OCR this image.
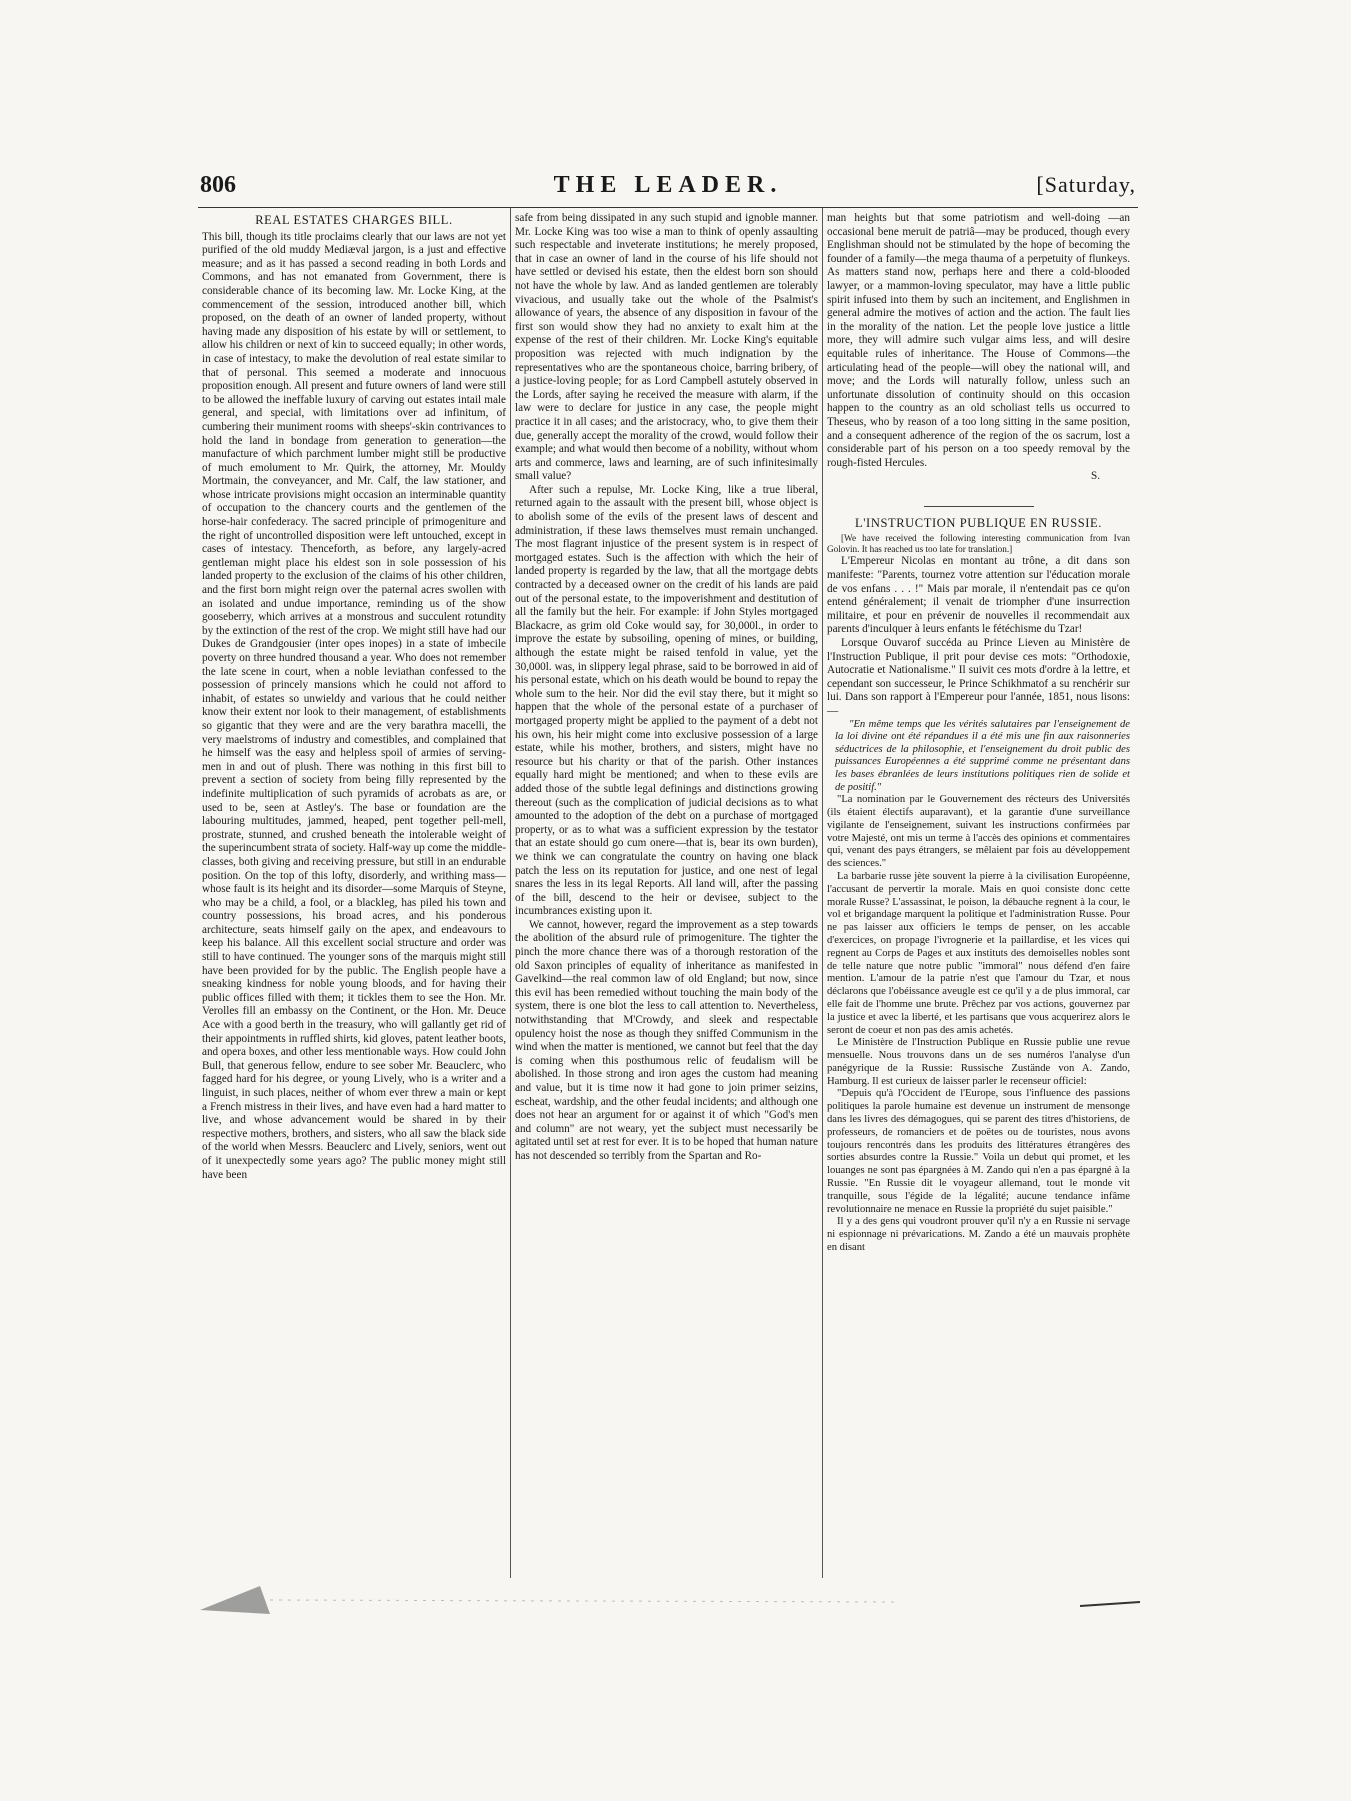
806	THE LEADER.	[Saturday,
REAL ESTATES CHARGES BILL.

This bill, though its title proclaims clearly that our laws are not yet purified of the old muddy Mediæval jargon, is a just and effective measure; and as it has passed a second reading in both Lords and Commons, and has not emanated from Government, there is considerable chance of its becoming law. Mr. Locke King, at the commencement of the session, introduced another bill, which proposed, on the death of an owner of landed property, without having made any disposition of his estate by will or settlement, to allow his children or next of kin to succeed equally; in other words, in case of intestacy, to make the devolution of real estate similar to that of personal. This seemed a moderate and innocuous proposition enough. All present and future owners of land were still to be allowed the ineffable luxury of carving out estates intail male general, and special, with limitations over ad infinitum, of cumbering their muniment rooms with sheeps'-skin contrivances to hold the land in bondage from generation to generation—the manufacture of which parchment lumber might still be productive of much emolument to Mr. Quirk, the attorney, Mr. Mouldy Mortmain, the conveyancer, and Mr. Calf, the law stationer, and whose intricate provisions might occasion an interminable quantity of occupation to the chancery courts and the gentlemen of the horse-hair confederacy. The sacred principle of primogeniture and the right of uncontrolled disposition were left untouched, except in cases of intestacy. Thenceforth, as before, any largely-acred gentleman might place his eldest son in sole possession of his landed property to the exclusion of the claims of his other children, and the first born might reign over the paternal acres swollen with an isolated and undue importance, reminding us of the show gooseberry, which arrives at a monstrous and succulent rotundity by the extinction of the rest of the crop. We might still have had our Dukes de Grandgousier (inter opes inopes) in a state of imbecile poverty on three hundred thousand a year. Who does not remember the late scene in court, when a noble leviathan confessed to the possession of princely mansions which he could not afford to inhabit, of estates so unwieldy and various that he could neither know their extent nor look to their management, of establishments so gigantic that they were and are the very barathra macelli, the very maelstroms of industry and comestibles, and complained that he himself was the easy and helpless spoil of armies of serving-men in and out of plush. There was nothing in this first bill to prevent a section of society from being filly represented by the indefinite multiplication of such pyramids of acrobats as are, or used to be, seen at Astley's. The base or foundation are the labouring multitudes, jammed, heaped, pent together pell-mell, prostrate, stunned, and crushed beneath the intolerable weight of the superincumbent strata of society. Half-way up come the middle-classes, both giving and receiving pressure, but still in an endurable position. On the top of this lofty, disorderly, and writhing mass—whose fault is its height and its disorder—some Marquis of Steyne, who may be a child, a fool, or a blackleg, has piled his town and country possessions, his broad acres, and his ponderous architecture, seats himself gaily on the apex, and endeavours to keep his balance. All this excellent social structure and order was still to have continued. The younger sons of the marquis might still have been provided for by the public. The English people have a sneaking kindness for noble young bloods, and for having their public offices filled with them; it tickles them to see the Hon. Mr. Verolles fill an embassy on the Continent, or the Hon. Mr. Deuce Ace with a good berth in the treasury, who will gallantly get rid of their appointments in ruffled shirts, kid gloves, patent leather boots, and opera boxes, and other less mentionable ways. How could John Bull, that generous fellow, endure to see sober Mr. Beauclerc, who fagged hard for his degree, or young Lively, who is a writer and a linguist, in such places, neither of whom ever threw a main or kept a French mistress in their lives, and have even had a hard matter to live, and whose advancement would be shared in by their respective mothers, brothers, and sisters, who all saw the black side of the world when Messrs. Beauclerc and Lively, seniors, went out of it unexpectedly some years ago? The public money might still have been

safe from being dissipated in any such stupid and ignoble manner. Mr. Locke King was too wise a man to think of openly assaulting such respectable and inveterate institutions; he merely proposed, that in case an owner of land in the course of his life should not have settled or devised his estate, then the eldest born son should not have the whole by law. And as landed gentlemen are tolerably vivacious, and usually take out the whole of the Psalmist's allowance of years, the absence of any disposition in favour of the first son would show they had no anxiety to exalt him at the expense of the rest of their children. Mr. Locke King's equitable proposition was rejected with much indignation by the representatives who are the spontaneous choice, barring bribery, of a justice-loving people; for as Lord Campbell astutely observed in the Lords, after saying he received the measure with alarm, if the law were to declare for justice in any case, the people might practice it in all cases; and the aristocracy, who, to give them their due, generally accept the morality of the crowd, would follow their example; and what would then become of a nobility, without whom arts and commerce, laws and learning, are of such infinitesimally small value?

After such a repulse, Mr. Locke King, like a true liberal, returned again to the assault with the present bill, whose object is to abolish some of the evils of the present laws of descent and administration, if these laws themselves must remain unchanged. The most flagrant injustice of the present system is in respect of mortgaged estates. Such is the affection with which the heir of landed property is regarded by the law, that all the mortgage debts contracted by a deceased owner on the credit of his lands are paid out of the personal estate, to the impoverishment and destitution of all the family but the heir. For example: if John Styles mortgaged Blackacre, as grim old Coke would say, for 30,000l., in order to improve the estate by subsoiling, opening of mines, or building, although the estate might be raised tenfold in value, yet the 30,000l. was, in slippery legal phrase, said to be borrowed in aid of his personal estate, which on his death would be bound to repay the whole sum to the heir. Nor did the evil stay there, but it might so happen that the whole of the personal estate of a purchaser of mortgaged property might be applied to the payment of a debt not his own, his heir might come into exclusive possession of a large estate, while his mother, brothers, and sisters, might have no resource but his charity or that of the parish. Other instances equally hard might be mentioned; and when to these evils are added those of the subtle legal definings and distinctions growing thereout (such as the complication of judicial decisions as to what amounted to the adoption of the debt on a purchase of mortgaged property, or as to what was a sufficient expression by the testator that an estate should go cum onere—that is, bear its own burden), we think we can congratulate the country on having one black patch the less on its reputation for justice, and one nest of legal snares the less in its legal Reports. All land will, after the passing of the bill, descend to the heir or devisee, subject to the incumbrances existing upon it.

We cannot, however, regard the improvement as a step towards the abolition of the absurd rule of primogeniture. The tighter the pinch the more chance there was of a thorough restoration of the old Saxon principles of equality of inheritance as manifested in Gavelkind—the real common law of old England; but now, since this evil has been remedied without touching the main body of the system, there is one blot the less to call attention to. Nevertheless, notwithstanding that M'Crowdy, and sleek and respectable opulency hoist the nose as though they sniffed Communism in the wind when the matter is mentioned, we cannot but feel that the day is coming when this posthumous relic of feudalism will be abolished. In those strong and iron ages the custom had meaning and value, but it is time now it had gone to join primer seizins, escheat, wardship, and the other feudal incidents; and although one does not hear an argument for or against it of which "God's men and column" are not weary, yet the subject must necessarily be agitated until set at rest for ever. It is to be hoped that human nature has not descended so terribly from the Spartan and Ro-

man heights but that some patriotism and well-doing —an occasional bene meruit de patriâ—may be produced, though every Englishman should not be stimulated by the hope of becoming the founder of a family—the mega thauma of a perpetuity of flunkeys. As matters stand now, perhaps here and there a cold-blooded lawyer, or a mammon-loving speculator, may have a little public spirit infused into them by such an incitement, and Englishmen in general admire the motives of action and the action. The fault lies in the morality of the nation. Let the people love justice a little more, they will admire such vulgar aims less, and will desire equitable rules of inheritance. The House of Commons—the articulating head of the people—will obey the national will, and move; and the Lords will naturally follow, unless such an unfortunate dissolution of continuity should on this occasion happen to the country as an old scholiast tells us occurred to Theseus, who by reason of a too long sitting in the same position, and a consequent adherence of the region of the os sacrum, lost a considerable part of his person on a too speedy removal by the rough-fisted Hercules.

S.

L'INSTRUCTION PUBLIQUE EN RUSSIE.

[We have received the following interesting communication from Ivan Golovin. It has reached us too late for translation.]

L'Empereur Nicolas en montant au trône, a dit dans son manifeste: "Parents, tournez votre attention sur l'éducation morale de vos enfans . . . !" Mais par morale, il n'entendait pas ce qu'on entend généralement; il venait de triompher d'une insurrection militaire, et pour en prévenir de nouvelles il recommendait aux parents d'inculquer à leurs enfants le fétéchisme du Tzar!

Lorsque Ouvarof succéda au Prince Lieven au Ministère de l'Instruction Publique, il prit pour devise ces mots: "Orthodoxie, Autocratie et Nationalisme." Il suivit ces mots d'ordre à la lettre, et cependant son successeur, le Prince Schikhmatof a su renchérir sur lui. Dans son rapport à l'Empereur pour l'année, 1851, nous lisons:—

"En même temps que les vérités salutaires par l'enseignement de la loi divine ont été répandues il a été mis une fin aux raisonneries séductrices de la philosophie, et l'enseignement du droit public des puissances Européennes a été supprimé comme ne présentant dans les bases ébranlées de leurs institutions politiques rien de solide et de positif."

"La nomination par le Gouvernement des récteurs des Universités (ils étaient électifs auparavant), et la garantie d'une surveillance vigilante de l'enseignement, suivant les instructions confirmées par votre Majesté, ont mis un terme à l'accès des opinions et commentaires qui, venant des pays étrangers, se mêlaient par fois au développement des sciences."

La barbarie russe jète souvent la pierre à la civilisation Européenne, l'accusant de pervertir la morale. Mais en quoi consiste donc cette morale Russe? L'assassinat, le poison, la débauche regnent à la cour, le vol et brigandage marquent la politique et l'administration Russe. Pour ne pas laisser aux officiers le temps de penser, on les accable d'exercices, on propage l'ivrognerie et la paillardise, et les vices qui regnent au Corps de Pages et aux instituts des demoiselles nobles sont de telle nature que notre public "immoral" nous défend d'en faire mention. L'amour de la patrie n'est que l'amour du Tzar, et nous déclarons que l'obéissance aveugle est ce qu'il y a de plus immoral, car elle fait de l'homme une brute. Prêchez par vos actions, gouvernez par la justice et avec la liberté, et les partisans que vous acquerirez alors le seront de coeur et non pas des amis achetés.

Le Ministère de l'Instruction Publique en Russie publie une revue mensuelle. Nous trouvons dans un de ses numéros l'analyse d'un panégyrique de la Russie: Russische Zustände von A. Zando, Hamburg. Il est curieux de laisser parler le recenseur officiel:

"Depuis qu'à l'Occident de l'Europe, sous l'influence des passions politiques la parole humaine est devenue un instrument de mensonge dans les livres des démagogues, qui se parent des titres d'historiens, de professeurs, de romanciers et de poëtes ou de touristes, nous avons toujours rencontrés dans les produits des littératures étrangères des sorties absurdes contre la Russie." Voila un debut qui promet, et les louanges ne sont pas épargnées à M. Zando qui n'en a pas épargné à la Russie. "En Russie dit le voyageur allemand, tout le monde vit tranquille, sous l'égide de la légalité; aucune tendance infâme revolutionnaire ne menace en Russie la propriété du sujet paisible."

Il y a des gens qui voudront prouver qu'il n'y a en Russie ni servage ni espionnage ni prévarications. M. Zando a été un mauvais prophète en disant
